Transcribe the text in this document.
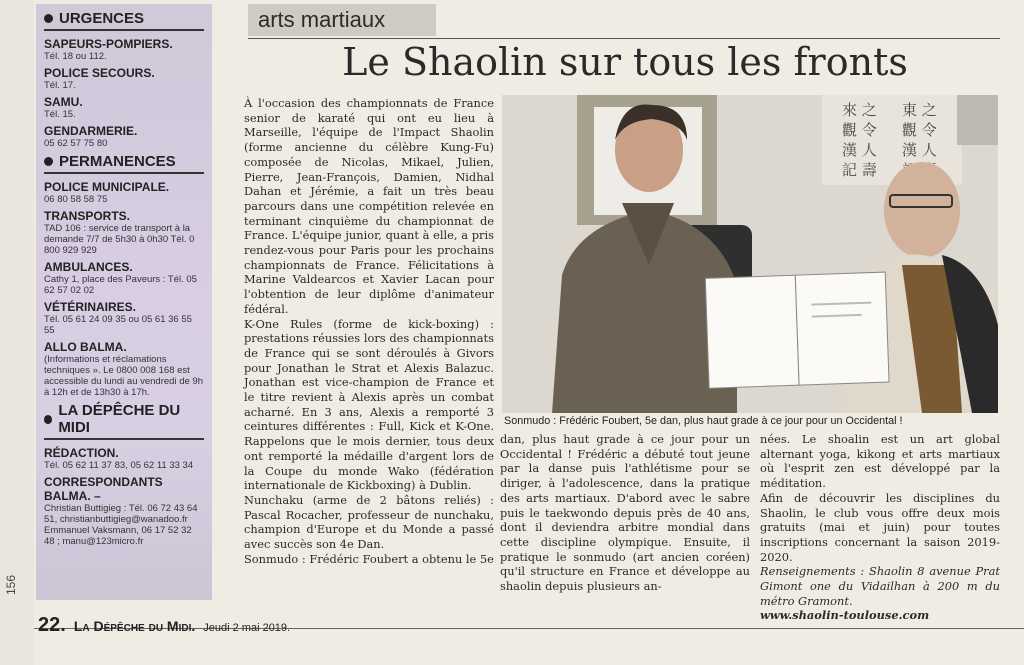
156
URGENCES
SAPEURS-POMPIERS.
Tél. 18 ou 112.
POLICE SECOURS.
Tél. 17.
SAMU.
Tél. 15.
GENDARMERIE.
05 62 57 75 80
PERMANENCES
POLICE MUNICIPALE.
06 80 58 58 75
TRANSPORTS.
TAD 106 : service de transport à la demande 7/7 de 5h30 à 0h30 Tél. 0 800 929 929
AMBULANCES.
Cathy 1, place des Paveurs : Tél. 05 62 57 02 02
VÉTÉRINAIRES.
Tél. 05 61 24 09 35 ou 05 61 36 55 55
ALLO BALMA.
(Informations et réclamations techniques ». Le 0800 008 168 est accessible du lundi au vendredi de 9h à 12h et de 13h30 à 17h.
LA DÉPÊCHE DU MIDI
RÉDACTION.
Tél. 05 62 11 37 83, 05 62 11 33 34
CORRESPONDANTS BALMA. –
Christian Buttigieg : Tél. 06 72 43 64 51, christianbuttigieg@wanadoo.fr Emmanuel Vaksmann, 06 17 52 32 48 ; manu@123micro.fr
arts martiaux
Le Shaolin sur tous les fronts

À l'occasion des championnats de France senior de karaté qui ont eu lieu à Marseille, l'équipe de l'Impact Shaolin (forme ancienne du célèbre Kung-Fu) composée de Nicolas, Mikael, Julien, Pierre, Jean-François, Damien, Nidhal Dahan et Jérémie, a fait un très beau parcours dans une compétition relevée en terminant cinquième du championnat de France. L'équipe junior, quant à elle, a pris rendez-vous pour Paris pour les prochains championnats de France. Félicitations à Marine Valdearcos et Xavier Lacan pour l'obtention de leur diplôme d'animateur fédéral.

K-One Rules (forme de kick-boxing) : prestations réussies lors des championnats de France qui se sont déroulés à Givors pour Jonathan le Strat et Alexis Balazuc. Jonathan est vice-champion de France et le titre revient à Alexis après un combat acharné. En 3 ans, Alexis a remporté 3 ceintures différentes : Full, Kick et K-One. Rappelons que le mois dernier, tous deux ont remporté la médaille d'argent lors de la Coupe du monde Wako (fédération internationale de Kickboxing) à Dublin.

Nunchaku (arme de 2 bâtons reliés) : Pascal Rocacher, professeur de nunchaku, champion d'Europe et du Monde a passé avec succès son 4e Dan.

Sonmudo : Frédéric Foubert a obtenu le 5e

來 之
觀 令
漢 人
記 壽
東 之
觀 令
漢 人
Sonmudo : Frédéric Foubert, 5e dan, plus haut grade à ce jour pour un Occidental !

dan, plus haut grade à ce jour pour un Occidental ! Frédéric a débuté tout jeune par la danse puis l'athlétisme pour se diriger, à l'adolescence, dans la pratique des arts martiaux. D'abord avec le sabre puis le taekwondo depuis près de 40 ans, dont il deviendra arbitre mondial dans cette discipline olympique. Ensuite, il pratique le sonmudo (art ancien coréen) qu'il structure en France et développe au shaolin depuis plusieurs an-

nées. Le shoalin est un art global alternant yoga, kikong et arts martiaux où l'esprit zen est développé par la méditation.

Afin de découvrir les disciplines du Shaolin, le club vous offre deux mois gratuits (mai et juin) pour toutes inscriptions concernant la saison 2019-2020.

Renseignements : Shaolin 8 avenue Prat Gimont one du Vidailhan à 200 m du métro Gramont.

www.shaolin-toulouse.com

22. La Dépêche du Midi. Jeudi 2 mai 2019.
